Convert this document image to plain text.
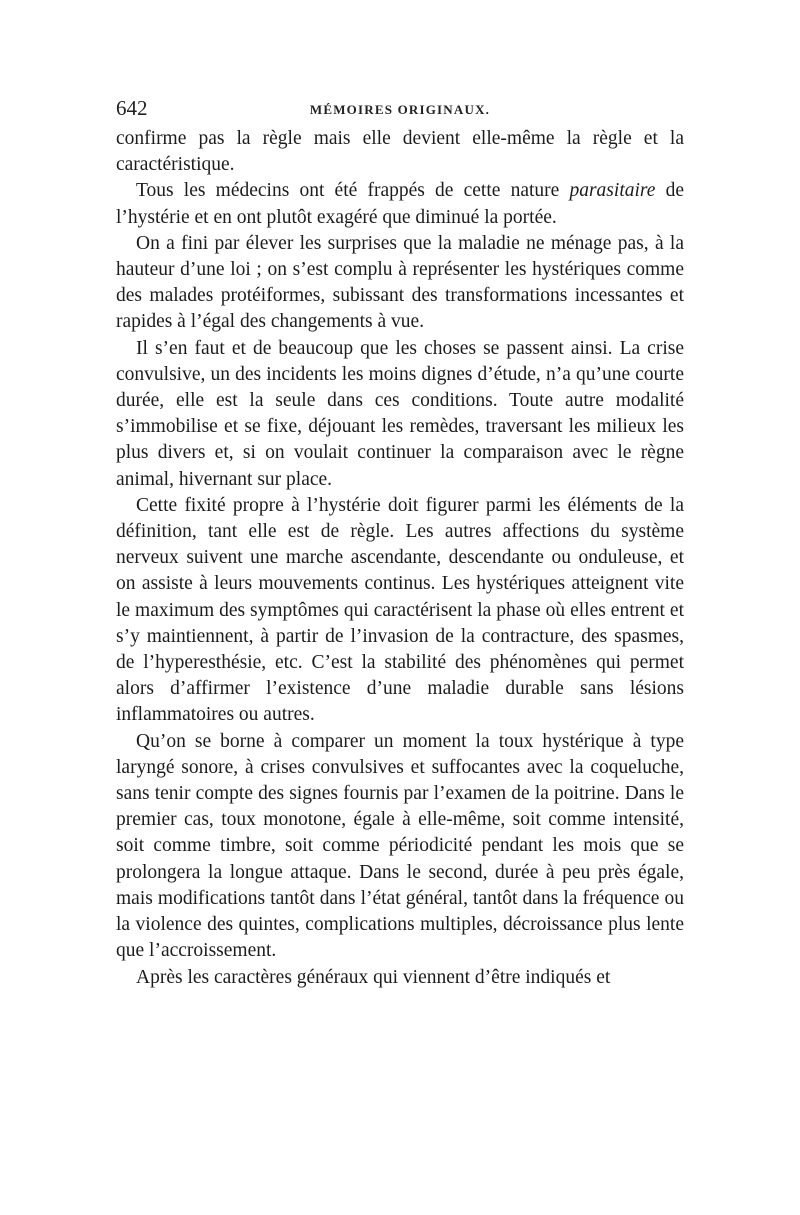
642	MÉMOIRES ORIGINAUX.

confirme pas la règle mais elle devient elle-même la règle et la caractéristique.

Tous les médecins ont été frappés de cette nature parasitaire de l’hystérie et en ont plutôt exagéré que diminué la portée.

On a fini par élever les surprises que la maladie ne ménage pas, à la hauteur d’une loi ; on s’est complu à représenter les hystériques comme des malades protéiformes, subissant des transformations incessantes et rapides à l’égal des changements à vue.

Il s’en faut et de beaucoup que les choses se passent ainsi. La crise convulsive, un des incidents les moins dignes d’étude, n’a qu’une courte durée, elle est la seule dans ces conditions. Toute autre modalité s’immobilise et se fixe, déjouant les remèdes, traversant les milieux les plus divers et, si on voulait continuer la comparaison avec le règne animal, hivernant sur place.

Cette fixité propre à l’hystérie doit figurer parmi les éléments de la définition, tant elle est de règle. Les autres affections du système nerveux suivent une marche ascendante, descendante ou onduleuse, et on assiste à leurs mouvements continus. Les hystériques atteignent vite le maximum des symptômes qui caractérisent la phase où elles entrent et s’y maintiennent, à partir de l’invasion de la contracture, des spasmes, de l’hyperesthésie, etc. C’est la stabilité des phénomènes qui permet alors d’affirmer l’existence d’une maladie durable sans lésions inflammatoires ou autres.

Qu’on se borne à comparer un moment la toux hystérique à type laryngé sonore, à crises convulsives et suffocantes avec la coqueluche, sans tenir compte des signes fournis par l’examen de la poitrine. Dans le premier cas, toux monotone, égale à elle-même, soit comme intensité, soit comme timbre, soit comme périodicité pendant les mois que se prolongera la longue attaque. Dans le second, durée à peu près égale, mais modifications tantôt dans l’état général, tantôt dans la fréquence ou la violence des quintes, complications multiples, décroissance plus lente que l’accroissement.

Après les caractères généraux qui viennent d’être indiqués et
